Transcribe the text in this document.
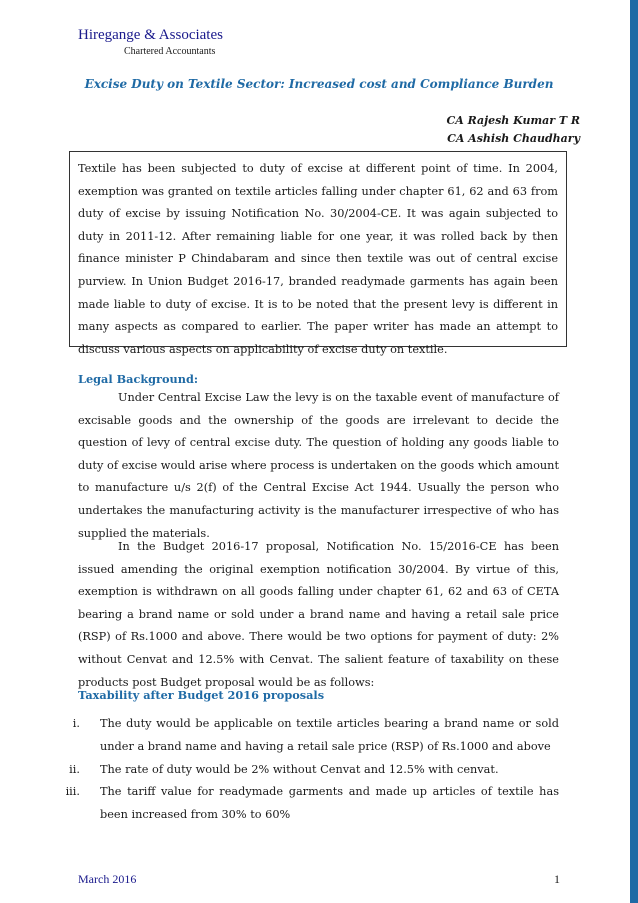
Hiregange & Associates
Chartered Accountants
Excise Duty on Textile Sector: Increased cost and Compliance Burden
CA Rajesh Kumar T R
CA Ashish Chaudhary
Textile has been subjected to duty of excise at different point of time. In 2004, exemption was granted on textile articles falling under chapter 61, 62 and 63 from duty of excise by issuing Notification No. 30/2004-CE. It was again subjected to duty in 2011-12. After remaining liable for one year, it was rolled back by then finance minister P Chindabaram and since then textile was out of central excise purview. In Union Budget 2016-17, branded readymade garments has again been made liable to duty of excise. It is to be noted that the present levy is different in many aspects as compared to earlier. The paper writer has made an attempt to discuss various aspects on applicability of excise duty on textile.
Legal Background:

Under Central Excise Law the levy is on the taxable event of manufacture of excisable goods and the ownership of the goods are irrelevant to decide the question of levy of central excise duty. The question of holding any goods liable to duty of excise would arise where process is undertaken on the goods which amount to manufacture u/s 2(f) of the Central Excise Act 1944. Usually the person who undertakes the manufacturing activity is the manufacturer irrespective of who has supplied the materials.

In the Budget 2016-17 proposal, Notification No. 15/2016-CE has been issued amending the original exemption notification 30/2004. By virtue of this, exemption is withdrawn on all goods falling under chapter 61, 62 and 63 of CETA bearing a brand name or sold under a brand name and having a retail sale price (RSP) of Rs.1000 and above. There would be two options for payment of duty: 2% without Cenvat and 12.5% with Cenvat. The salient feature of taxability on these products post Budget proposal would be as follows:

Taxability after Budget 2016 proposals
i. The duty would be applicable on textile articles bearing a brand name or sold under a brand name and having a retail sale price (RSP) of Rs.1000 and above
ii. The rate of duty would be 2% without Cenvat and 12.5% with cenvat.
iii. The tariff value for readymade garments and made up articles of textile has been increased from 30% to 60%
March 2016	1
